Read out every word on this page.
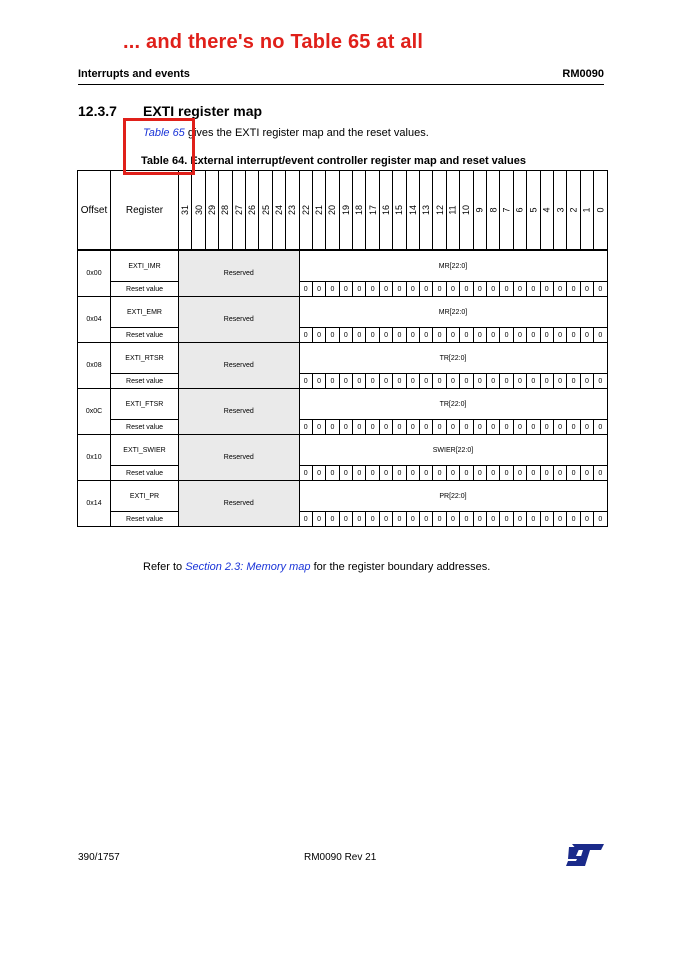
... and there's no Table 65 at all
Interrupts and events	RM0090
12.3.7 EXTI register map
Table 65 gives the EXTI register map and the reset values.
Table 64. External interrupt/event controller register map and reset values
Offset	Register	31	30	29	28	27	26	25	24	23	22	21	20	19	18	17	16	15	14	13	12	11	10	9	8	7	6	5	4	3	2	1	0
0x00	EXTI_IMR	Reserved									MR[22:0]																						
	Reset value										0	0	0	0	0	0	0	0	0	0	0	0	0	0	0	0	0	0	0	0	0	0	0
0x04	EXTI_EMR	Reserved									MR[22:0]																						
	Reset value										0	0	0	0	0	0	0	0	0	0	0	0	0	0	0	0	0	0	0	0	0	0	0
0x08	EXTI_RTSR	Reserved									TR[22:0]																						
	Reset value										0	0	0	0	0	0	0	0	0	0	0	0	0	0	0	0	0	0	0	0	0	0	0
0x0C	EXTI_FTSR	Reserved									TR[22:0]																						
	Reset value										0	0	0	0	0	0	0	0	0	0	0	0	0	0	0	0	0	0	0	0	0	0	0
0x10	EXTI_SWIER	Reserved									SWIER[22:0]																						
	Reset value										0	0	0	0	0	0	0	0	0	0	0	0	0	0	0	0	0	0	0	0	0	0	0
0x14	EXTI_PR	Reserved									PR[22:0]																						
	Reset value										0	0	0	0	0	0	0	0	0	0	0	0	0	0	0	0	0	0	0	0	0	0	0
Refer to Section 2.3: Memory map for the register boundary addresses.
390/1757	RM0090 Rev 21
